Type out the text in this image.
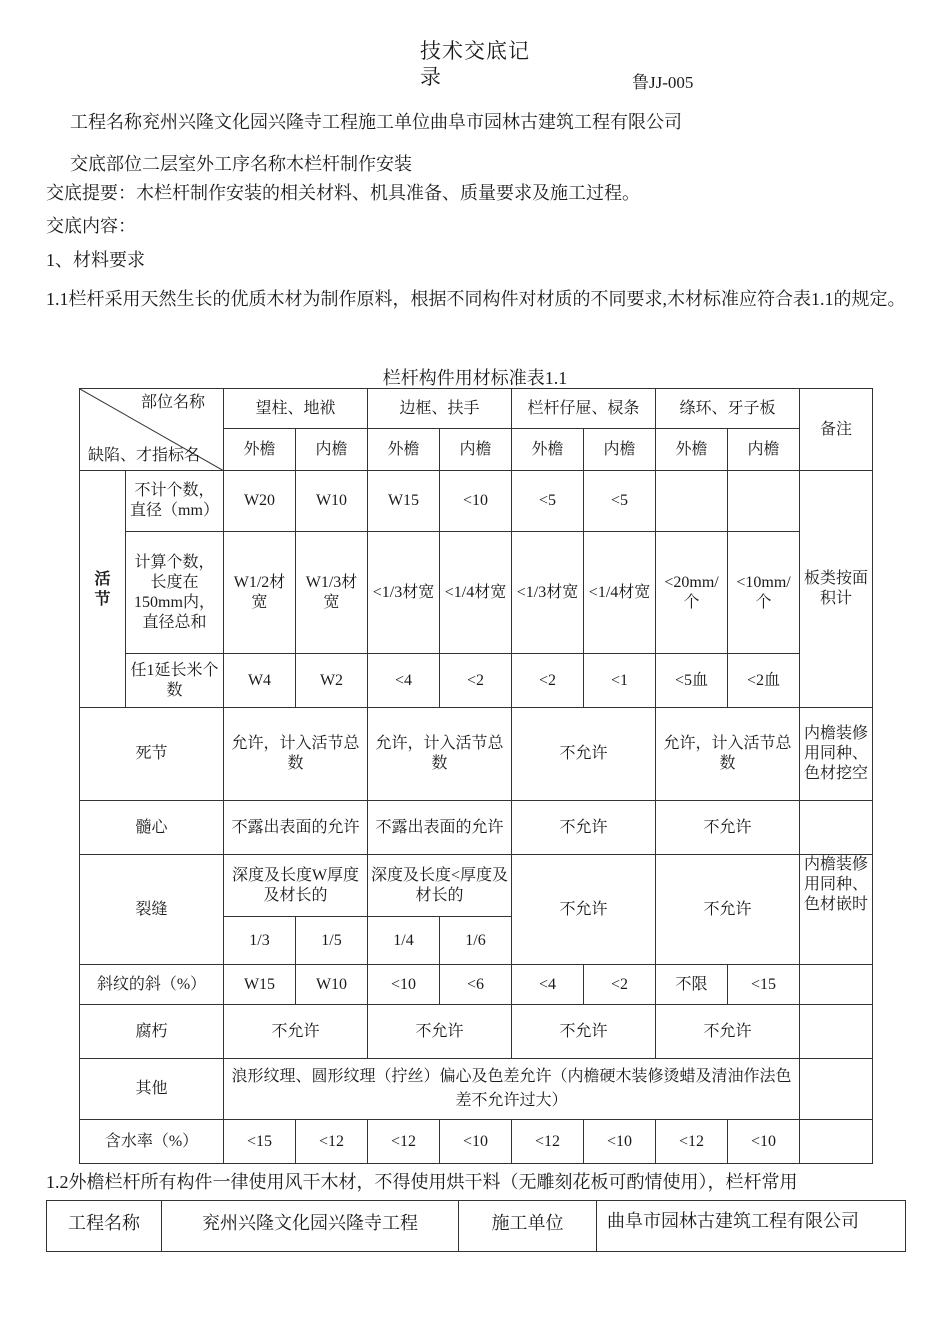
技术交底记录	鲁JJ-005
工程名称兖州兴隆文化园兴隆寺工程施工单位曲阜市园林古建筑工程有限公司
交底部位二层室外工序名称木栏杆制作安装
交底提要：木栏杆制作安装的相关材料、机具准备、质量要求及施工过程。
交底内容：
1、材料要求
1.1栏杆采用天然生长的优质木材为制作原料，根据不同构件对材质的不同要求,木材标准应符合表1.1的规定。
栏杆构件用材标准表1.1
部位名称
缺陷、才指标名		望柱、地袱		边框、扶手		栏杆仔屉、棂条		绦环、牙子板		备注
		外檐	内檐	外檐	内檐	外檐	内檐	外檐	内檐	
活节	不计个数，直径（mm）	W20	W10	W15	<10	<5	<5			板类按面积计
	计算个数，长度在150mm内，直径总和	W1/2材宽	W1/3材宽	<1/3材宽	<1/4材宽	<1/3材宽	<1/4材宽	<20mm/个	<10mm/个	
	任1延长米个数	W4	W2	<4	<2	<2	<1	<5血	<2血	
死节		允许，计入活节总数		允许，计入活节总数		不允许		允许，计入活节总数		内檐装修用同种、色材挖空
髓心		不露出表面的允许		不露出表面的允许		不允许		不允许		
裂缝		深度及长度W厚度及材长的		深度及长度<厚度及材长的		不允许		不允许		内檐装修用同种、色材嵌时
		1/3	1/5	1/4	1/6					
斜纹的斜（%）		W15	W10	<10	<6	<4	<2	不限	<15	
腐朽		不允许		不允许		不允许		不允许		
其他		浪形纹理、圆形纹理（拧丝）偏心及色差允许（内檐硬木装修烫蜡及清油作法色差不允许过大）								
含水率（%）		<15	<12	<12	<10	<12	<10	<12	<10	
1.2外檐栏杆所有构件一律使用风干木材，不得使用烘干料（无雕刻花板可酌情使用），栏杆常用
工程名称	兖州兴隆文化园兴隆寺工程	施工单位	曲阜市园林古建筑工程有限公司
